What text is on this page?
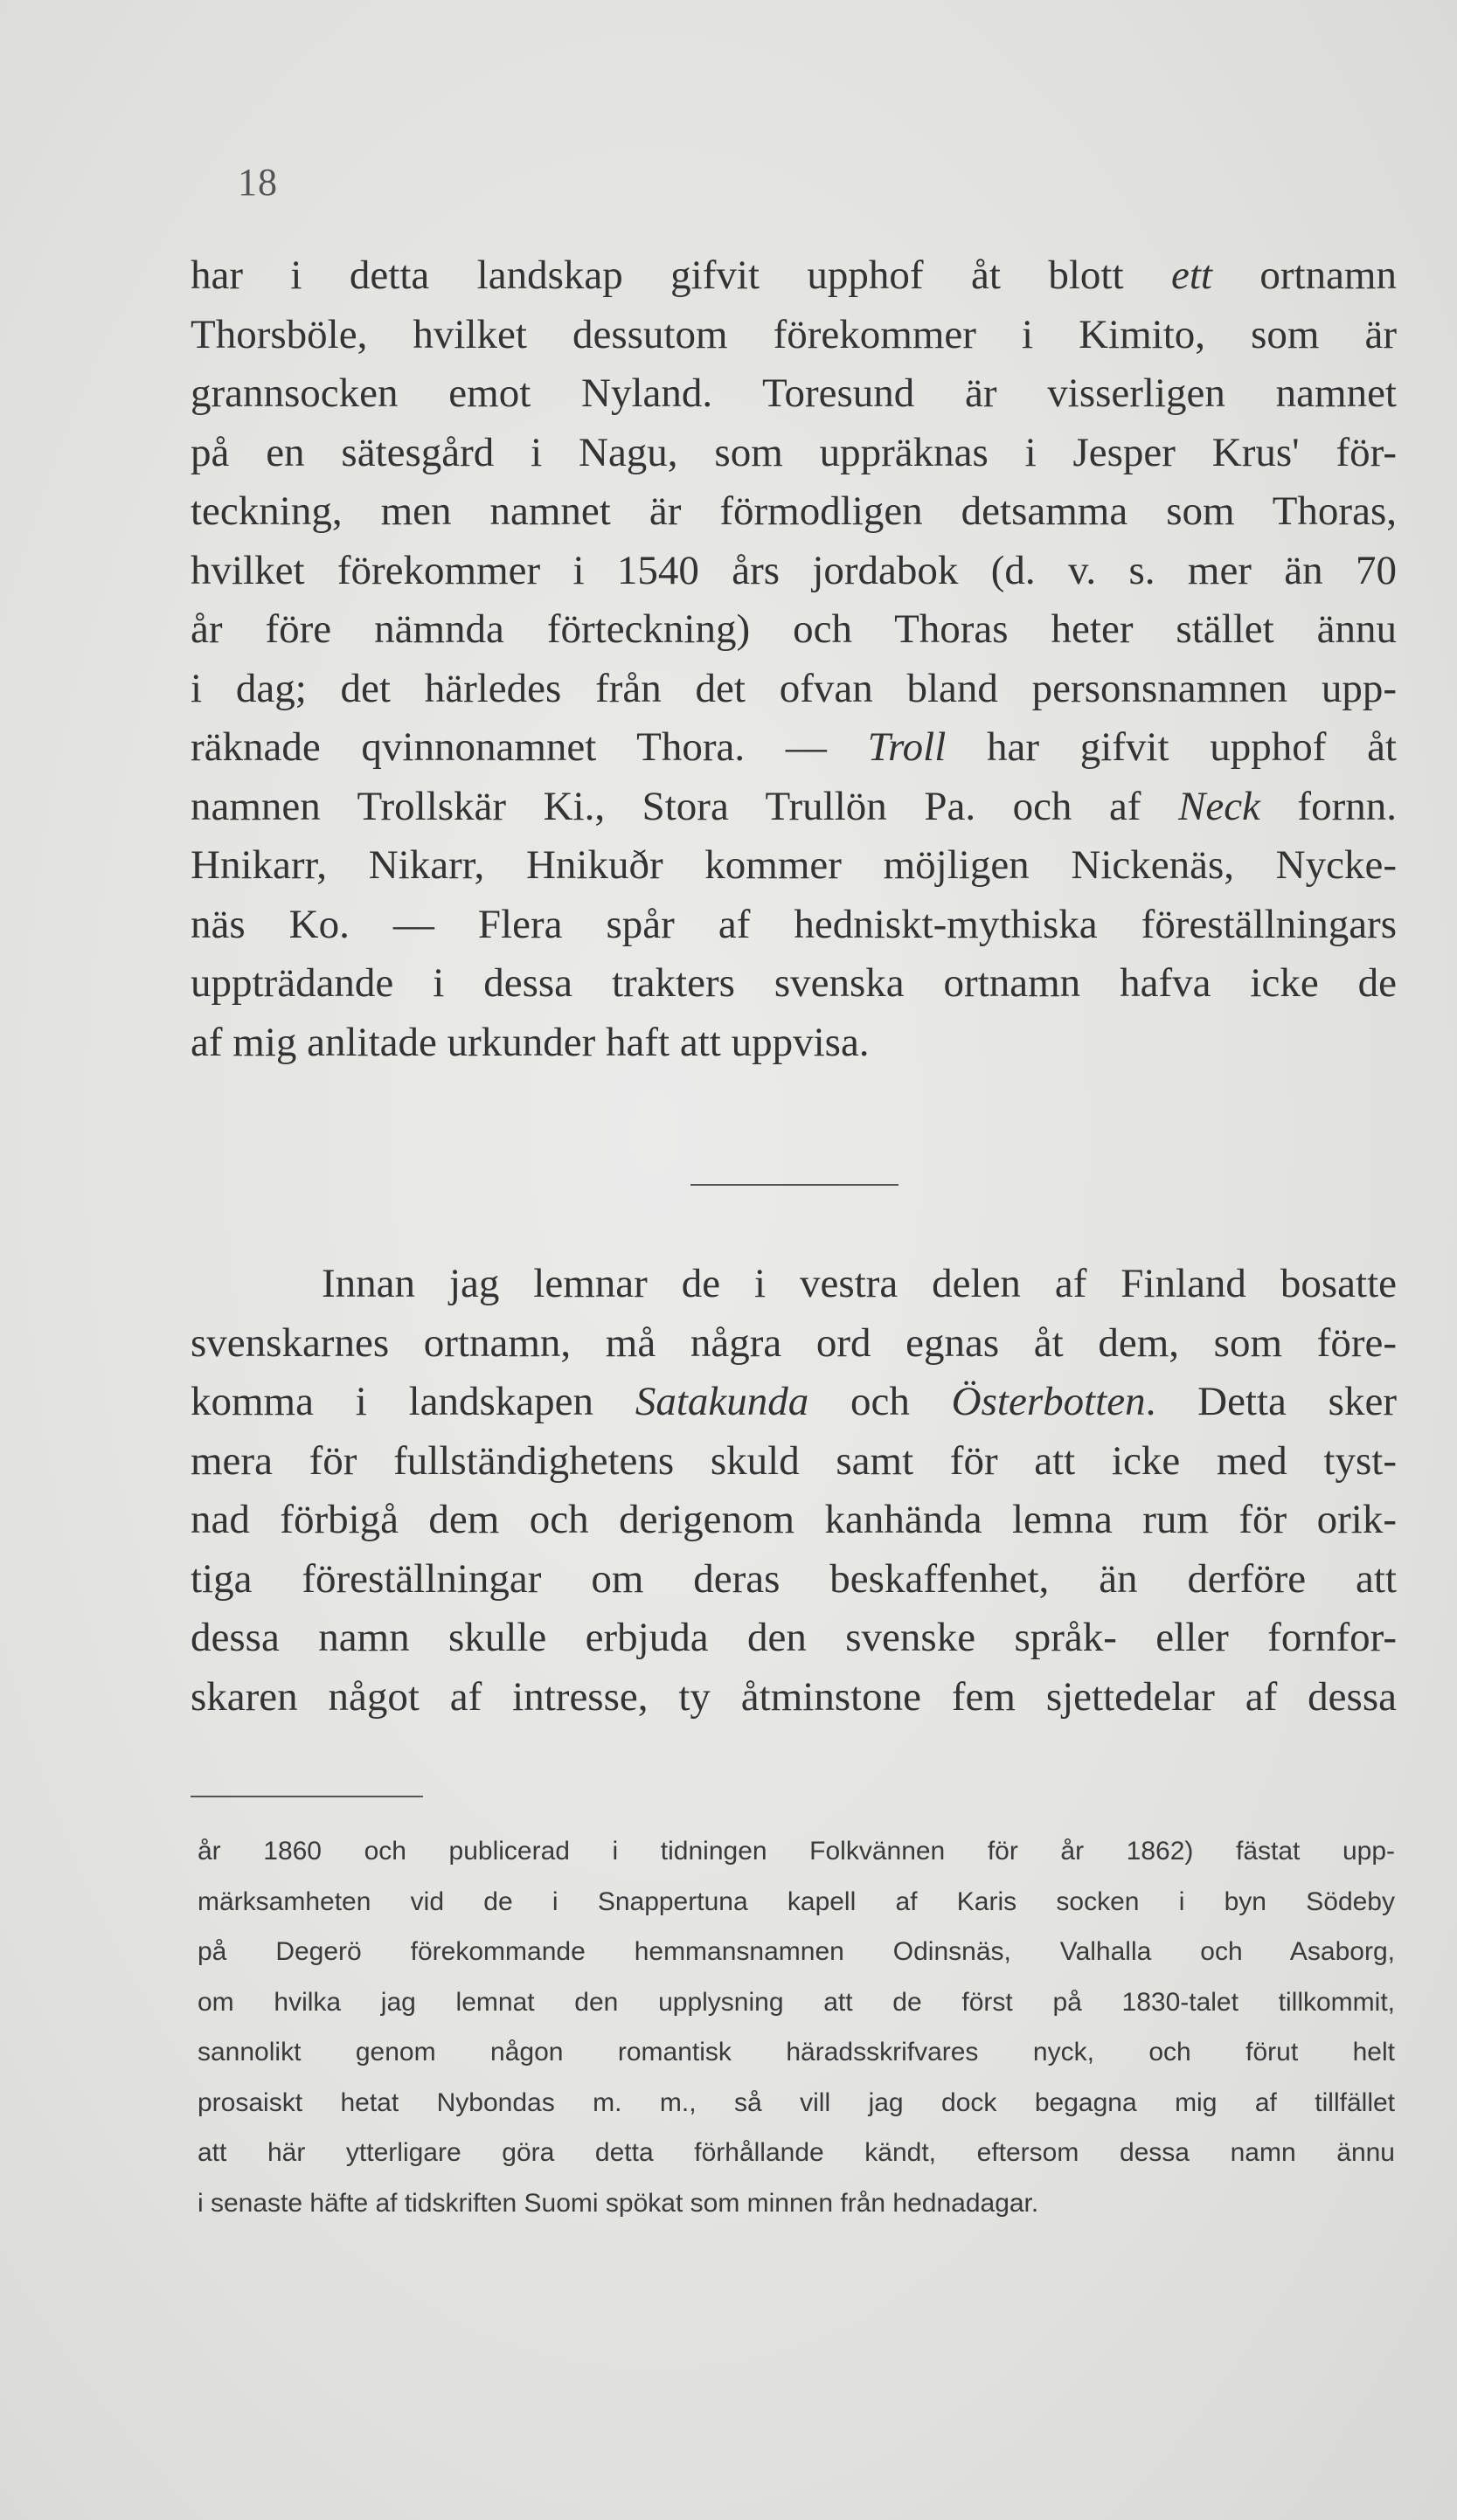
18
har i detta landskap gifvit upphof åt blott ett ortnamn
Thorsböle, hvilket dessutom förekommer i Kimito, som är
grannsocken emot Nyland. Toresund är visserligen namnet
på en sätesgård i Nagu, som uppräknas i Jesper Krus' för-
teckning, men namnet är förmodligen detsamma som Thoras,
hvilket förekommer i 1540 års jordabok (d. v. s. mer än 70
år före nämnda förteckning) och Thoras heter stället ännu
i dag; det härledes från det ofvan bland personsnamnen upp-
räknade qvinnonamnet Thora. — Troll har gifvit upphof åt
namnen Trollskär Ki., Stora Trullön Pa. och af Neck fornn.
Hnikarr, Nikarr, Hnikuðr kommer möjligen Nickenäs, Nycke-
näs Ko. — Flera spår af hedniskt-mythiska föreställningars
uppträdande i dessa trakters svenska ortnamn hafva icke de
af mig anlitade urkunder haft att uppvisa.
Innan jag lemnar de i vestra delen af Finland bosatte
svenskarnes ortnamn, må några ord egnas åt dem, som före-
komma i landskapen Satakunda och Österbotten. Detta sker
mera för fullständighetens skuld samt för att icke med tyst-
nad förbigå dem och derigenom kanhända lemna rum för orik-
tiga föreställningar om deras beskaffenhet, än derföre att
dessa namn skulle erbjuda den svenske språk- eller fornfor-
skaren något af intresse, ty åtminstone fem sjettedelar af dessa
år 1860 och publicerad i tidningen Folkvännen för år 1862) fästat upp-
märksamheten vid de i Snappertuna kapell af Karis socken i byn Södeby
på Degerö förekommande hemmansnamnen Odinsnäs, Valhalla och Asaborg,
om hvilka jag lemnat den upplysning att de först på 1830-talet tillkommit,
sannolikt genom någon romantisk häradsskrifvares nyck, och förut helt
prosaiskt hetat Nybondas m. m., så vill jag dock begagna mig af tillfället
att här ytterligare göra detta förhållande kändt, eftersom dessa namn ännu
i senaste häfte af tidskriften Suomi spökat som minnen från hednadagar.
